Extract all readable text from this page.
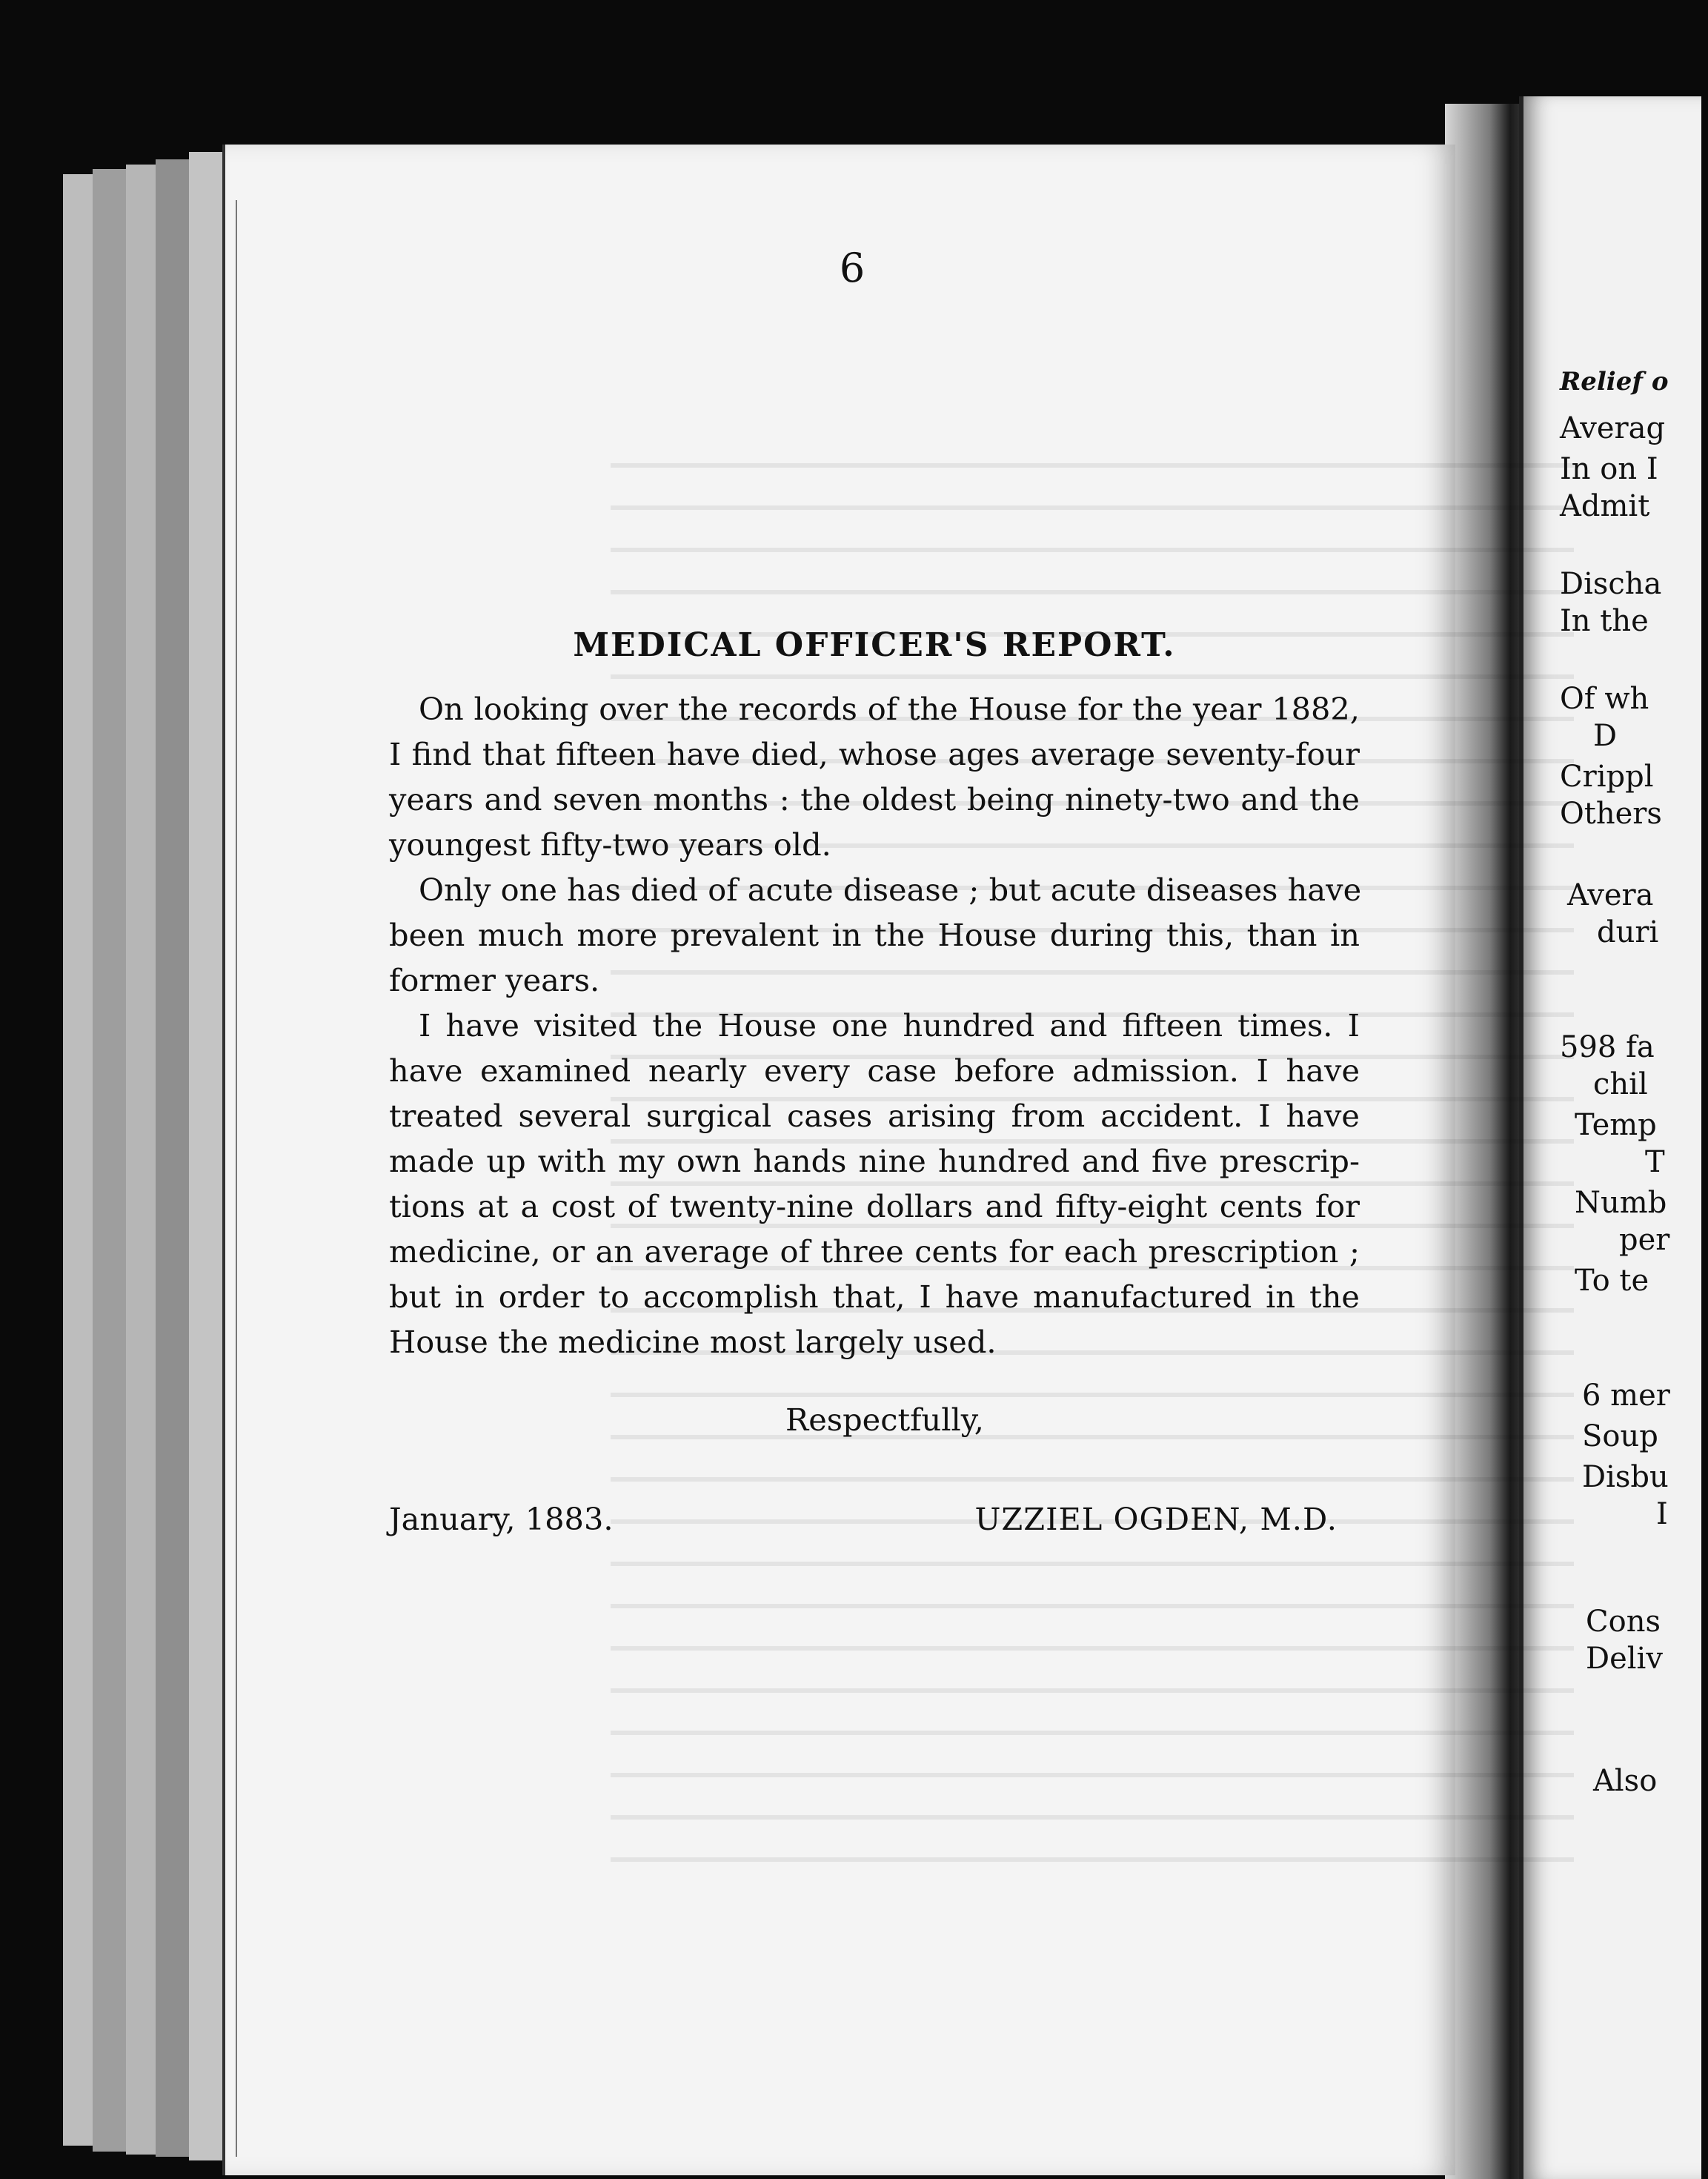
6
MEDICAL OFFICER'S REPORT.
On looking over the records of the House for the year 1882,
I find that fifteen have died, whose ages average seventy-four
years and seven months : the oldest being ninety-two and the
youngest fifty-two years old.
Only one has died of acute disease ; but acute diseases have
been much more prevalent in the House during this, than in
former years.
I have visited the House one hundred and fifteen times. I
have examined nearly every case before admission. I have
treated several surgical cases arising from accident. I have
made up with my own hands nine hundred and five prescrip-
tions at a cost of twenty-nine dollars and fifty-eight cents for
medicine, or an average of three cents for each prescription ;
but in order to accomplish that, I have manufactured in the
House the medicine most largely used.
Respectfully,
January, 1883.	UZZIEL OGDEN, M.D.
Relief o
Averag
In on I
Admit
Discha
In the
Of wh
D
Crippl
Others
Avera
duri
598 fa
chil
Temp
T
Numb
per
To te
6 mer
Soup
Disbu
I
Cons
Deliv
Also
